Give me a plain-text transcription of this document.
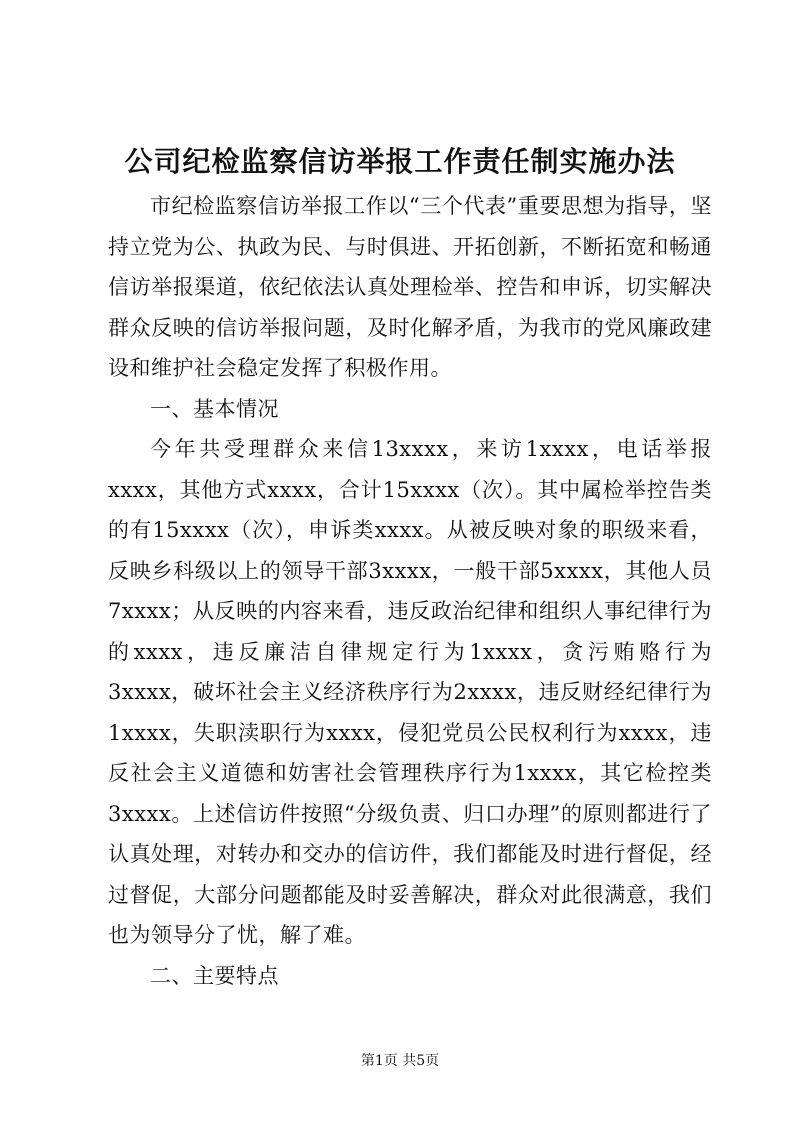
公司纪检监察信访举报工作责任制实施办法

市纪检监察信访举报工作以“三个代表”重要思想为指导，坚持立党为公、执政为民、与时俱进、开拓创新，不断拓宽和畅通信访举报渠道，依纪依法认真处理检举、控告和申诉，切实解决群众反映的信访举报问题，及时化解矛盾，为我市的党风廉政建设和维护社会稳定发挥了积极作用。

一、基本情况

今年共受理群众来信13xxxx，来访1xxxx，电话举报xxxx，其他方式xxxx，合计15xxxx（次）。其中属检举控告类的有15xxxx（次），申诉类xxxx。从被反映对象的职级来看，反映乡科级以上的领导干部3xxxx，一般干部5xxxx，其他人员7xxxx；从反映的内容来看，违反政治纪律和组织人事纪律行为的xxxx，违反廉洁自律规定行为1xxxx，贪污贿赂行为3xxxx，破坏社会主义经济秩序行为2xxxx，违反财经纪律行为1xxxx，失职渎职行为xxxx，侵犯党员公民权利行为xxxx，违反社会主义道德和妨害社会管理秩序行为1xxxx，其它检控类3xxxx。上述信访件按照“分级负责、归口办理”的原则都进行了认真处理，对转办和交办的信访件，我们都能及时进行督促，经过督促，大部分问题都能及时妥善解决，群众对此很满意，我们也为领导分了忧，解了难。

二、主要特点

第1页 共5页
